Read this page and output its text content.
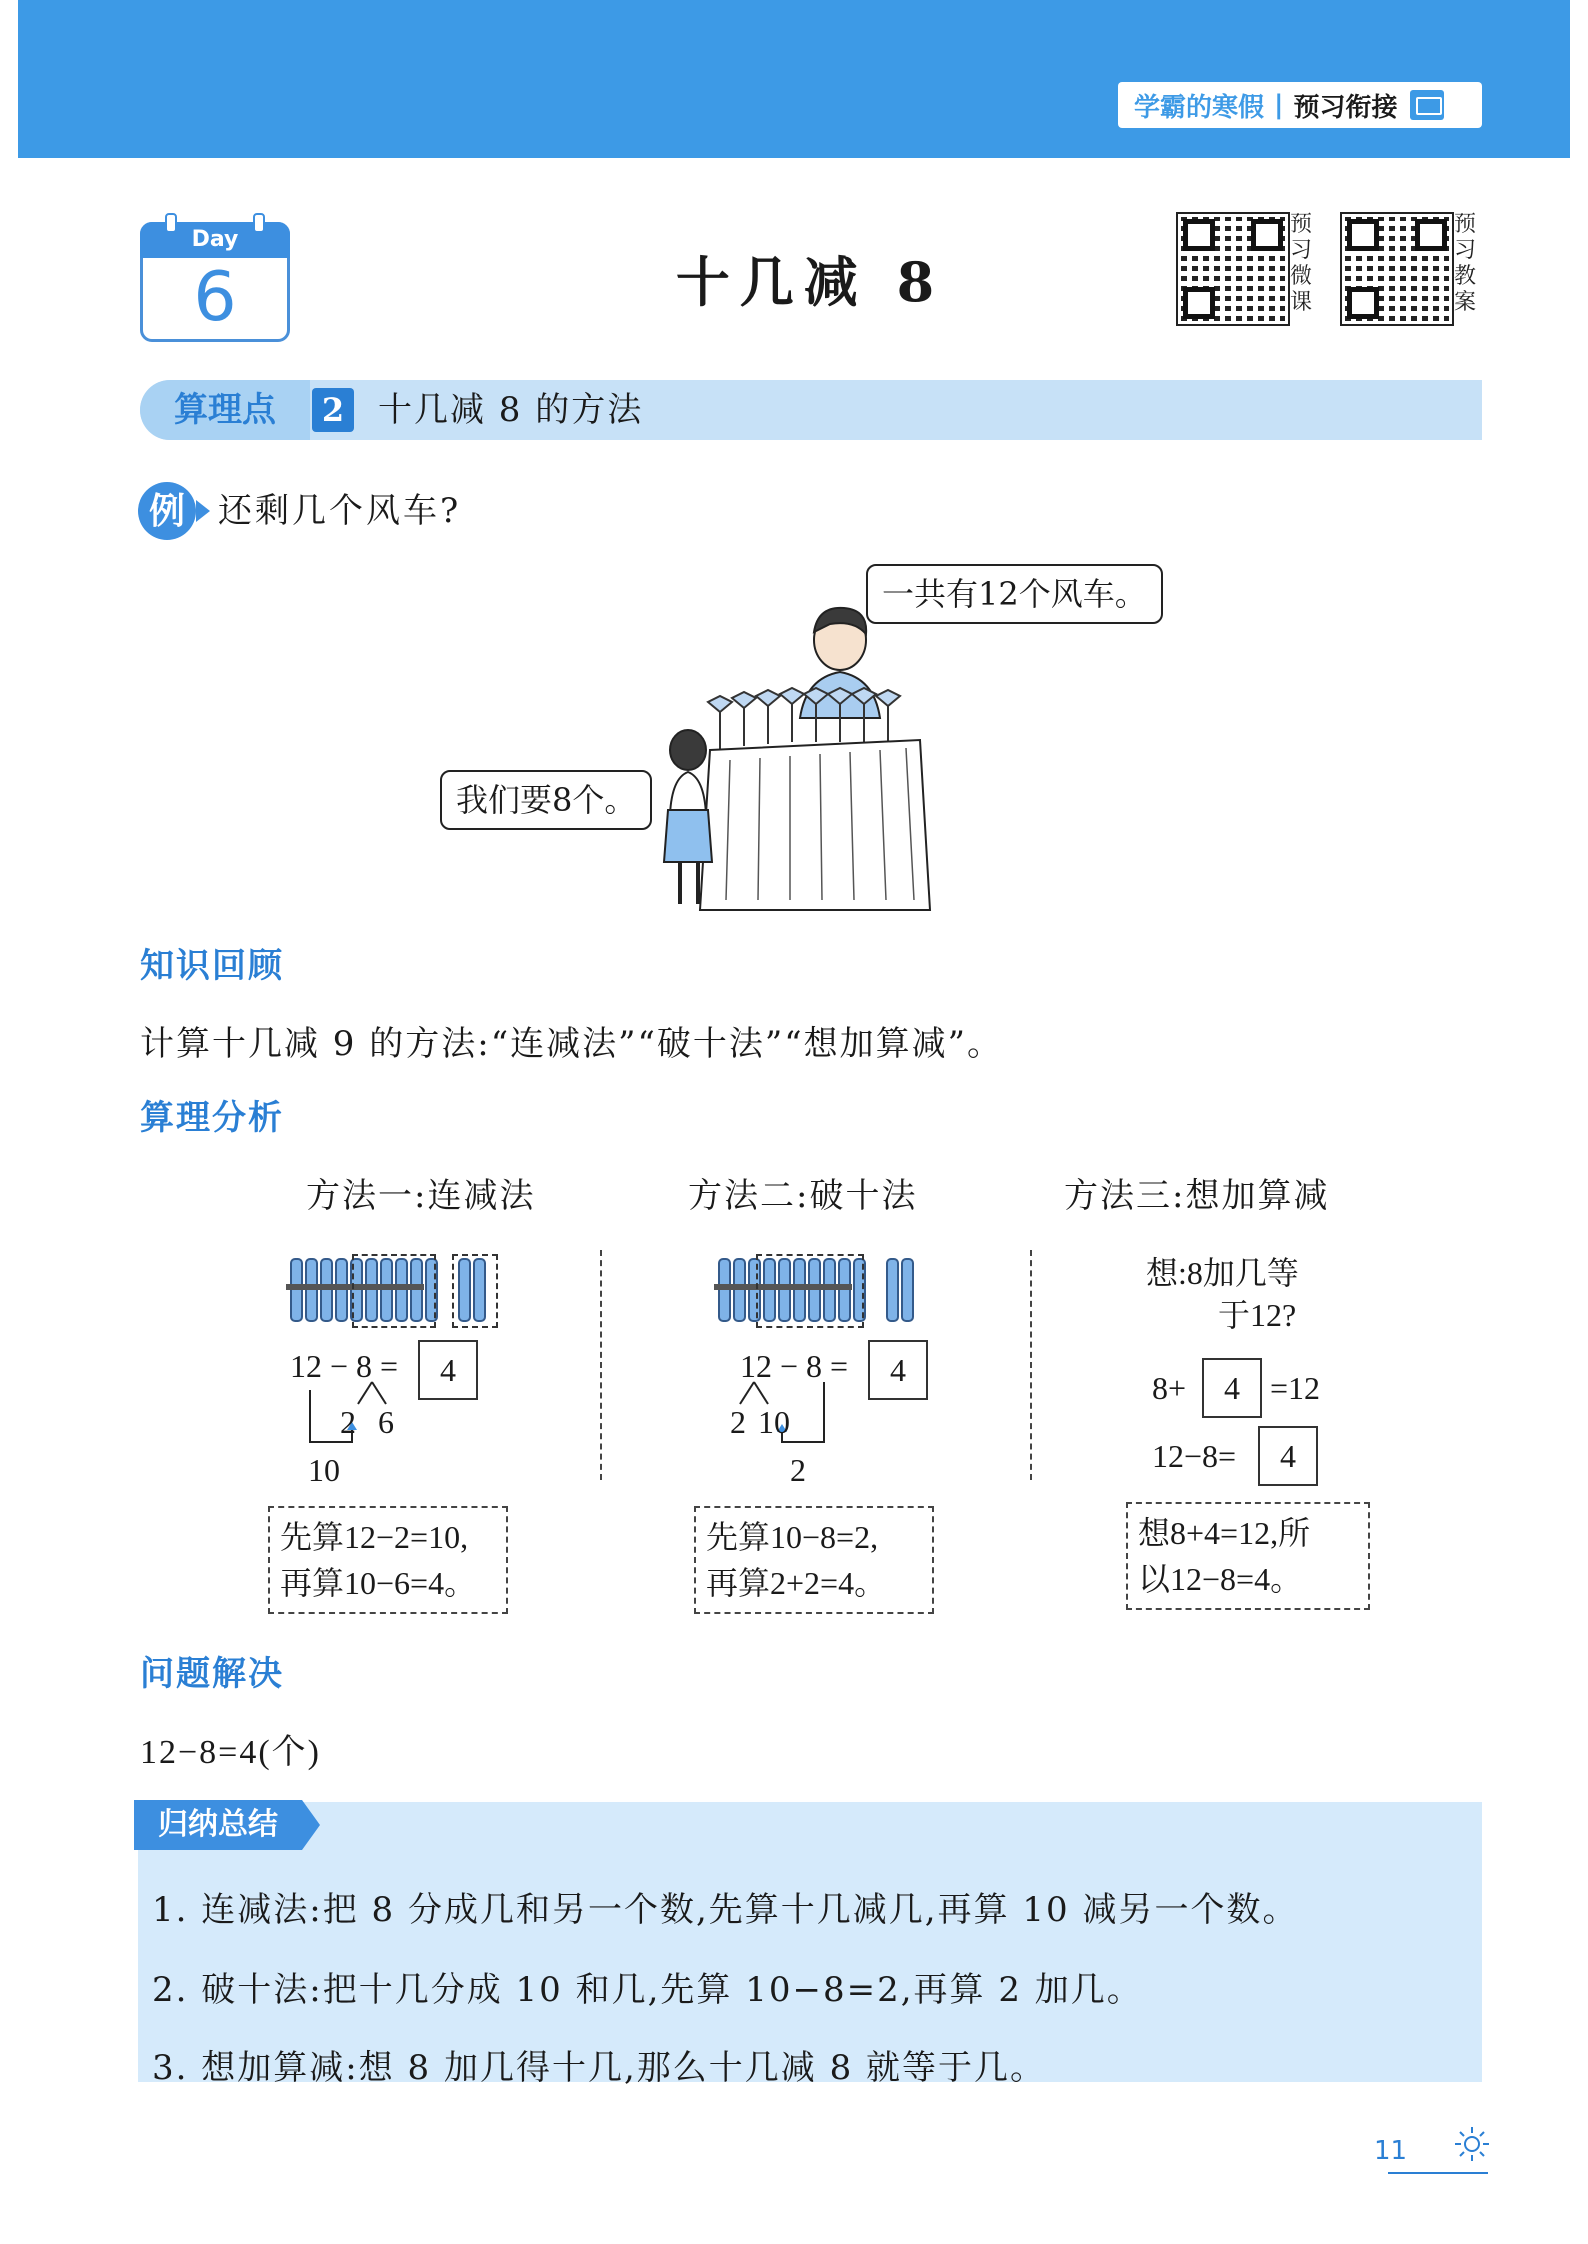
学霸的寒假 | 预习衔接
Day
6	十几减 8
预
习
微
课
预
习
教
案
算理点	2 十几减 8 的方法
例 还剩几个风车?
一共有12个风车。
我们要8个。
知识回顾
计算十几减 9 的方法:“连减法”“破十法”“想加算减”。
算理分析
方法一:连减法	方法二:破十法	方法三:想加算减
12 − 8 =	4
2 6
10
先算12−2=10,
再算10−6=4。
12 − 8 =	4
2 10
2
先算10−8=2,
再算2+2=4。
想:8加几等
于12?
8+	4 =12
12−8=	4
想8+4=12,所
以12−8=4。
问题解决
12−8=4(个)
归纳总结
1. 连减法:把 8 分成几和另一个数,先算十几减几,再算 10 减另一个数。
2. 破十法:把十几分成 10 和几,先算 10−8=2,再算 2 加几。
3. 想加算减:想 8 加几得十几,那么十几减 8 就等于几。
11
